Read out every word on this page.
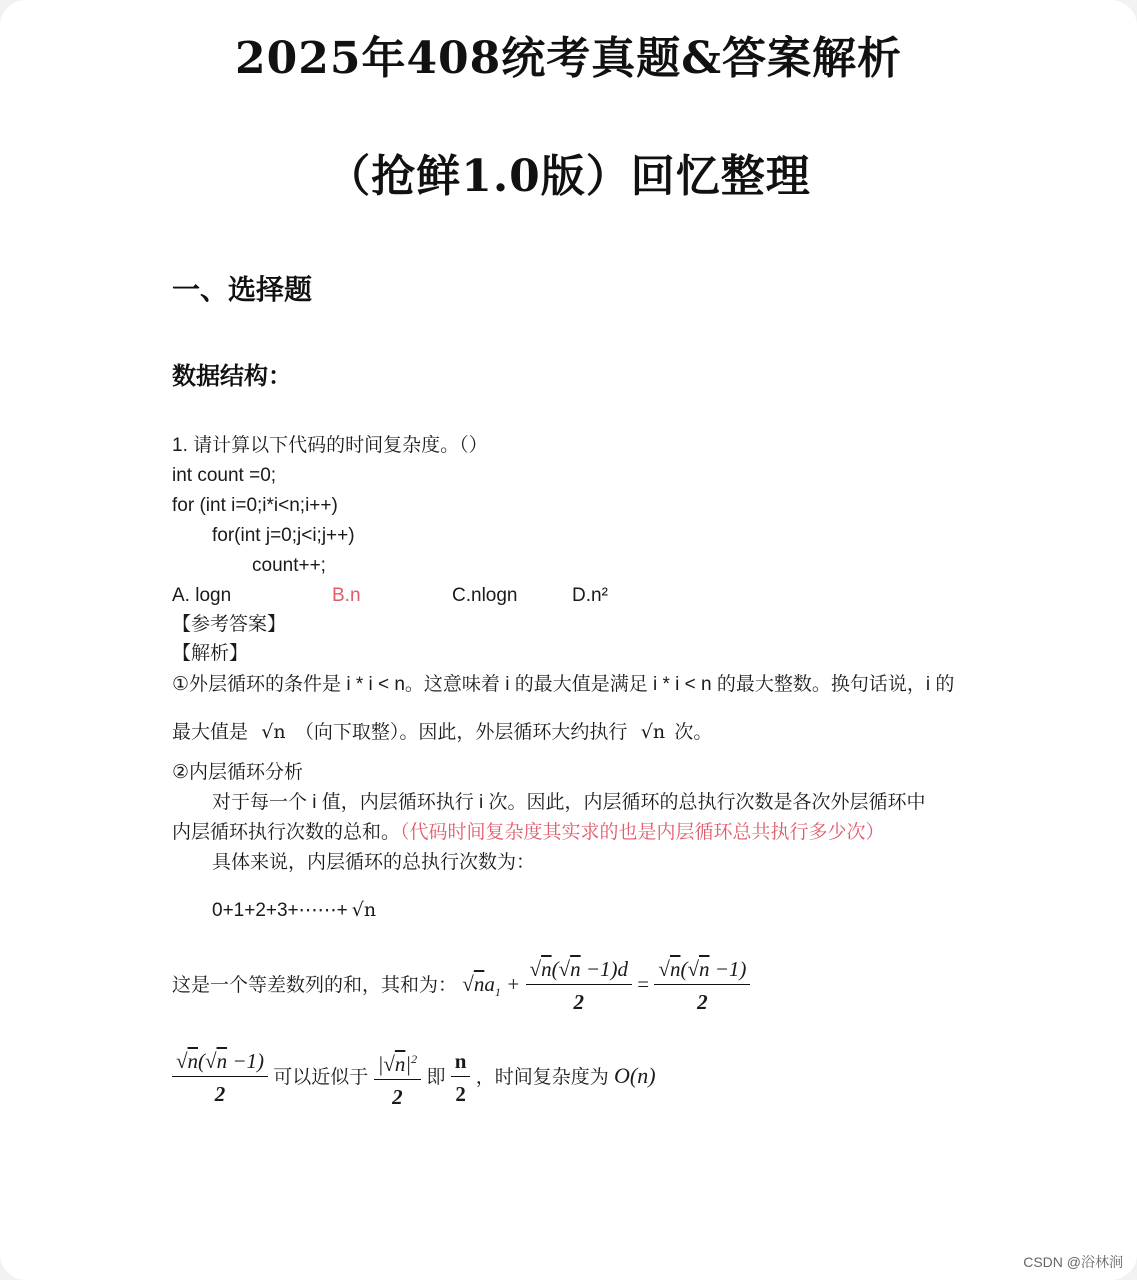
2025年408统考真题&答案解析
（抢鲜1.0版）回忆整理
一、选择题
数据结构：
1. 请计算以下代码的时间复杂度。（）
int count =0;
for (int i=0;i*i<n;i++)
for(int j=0;j<i;j++)
count++;
A. logn	B.n	C.nlogn	D.n²
【参考答案】
【解析】
①外层循环的条件是 i * i < n。这意味着 i 的最大值是满足 i * i < n 的最大整数。换句话说，i 的
最大值是 √n （向下取整）。因此，外层循环大约执行 √n 次。
②内层循环分析
对于每一个 i 值，内层循环执行 i 次。因此，内层循环的总执行次数是各次外层循环中
内层循环执行次数的总和。（代码时间复杂度其实求的也是内层循环总共执行多少次）
具体来说，内层循环的总执行次数为：
0+1+2+3+⋯⋯+ √n
这是一个等差数列的和，其和为： $√na_1 + \frac{√n(√n -1)d}{2} = \frac{√n(√n -1)}{2}$
$\frac{√n(√n -1)}{2}$ 可以近似于 $\frac{|√n|^2}{2}$ 即 $\frac{n}{2}$ ，时间复杂度为 O(n)
CSDN @浴林涧
